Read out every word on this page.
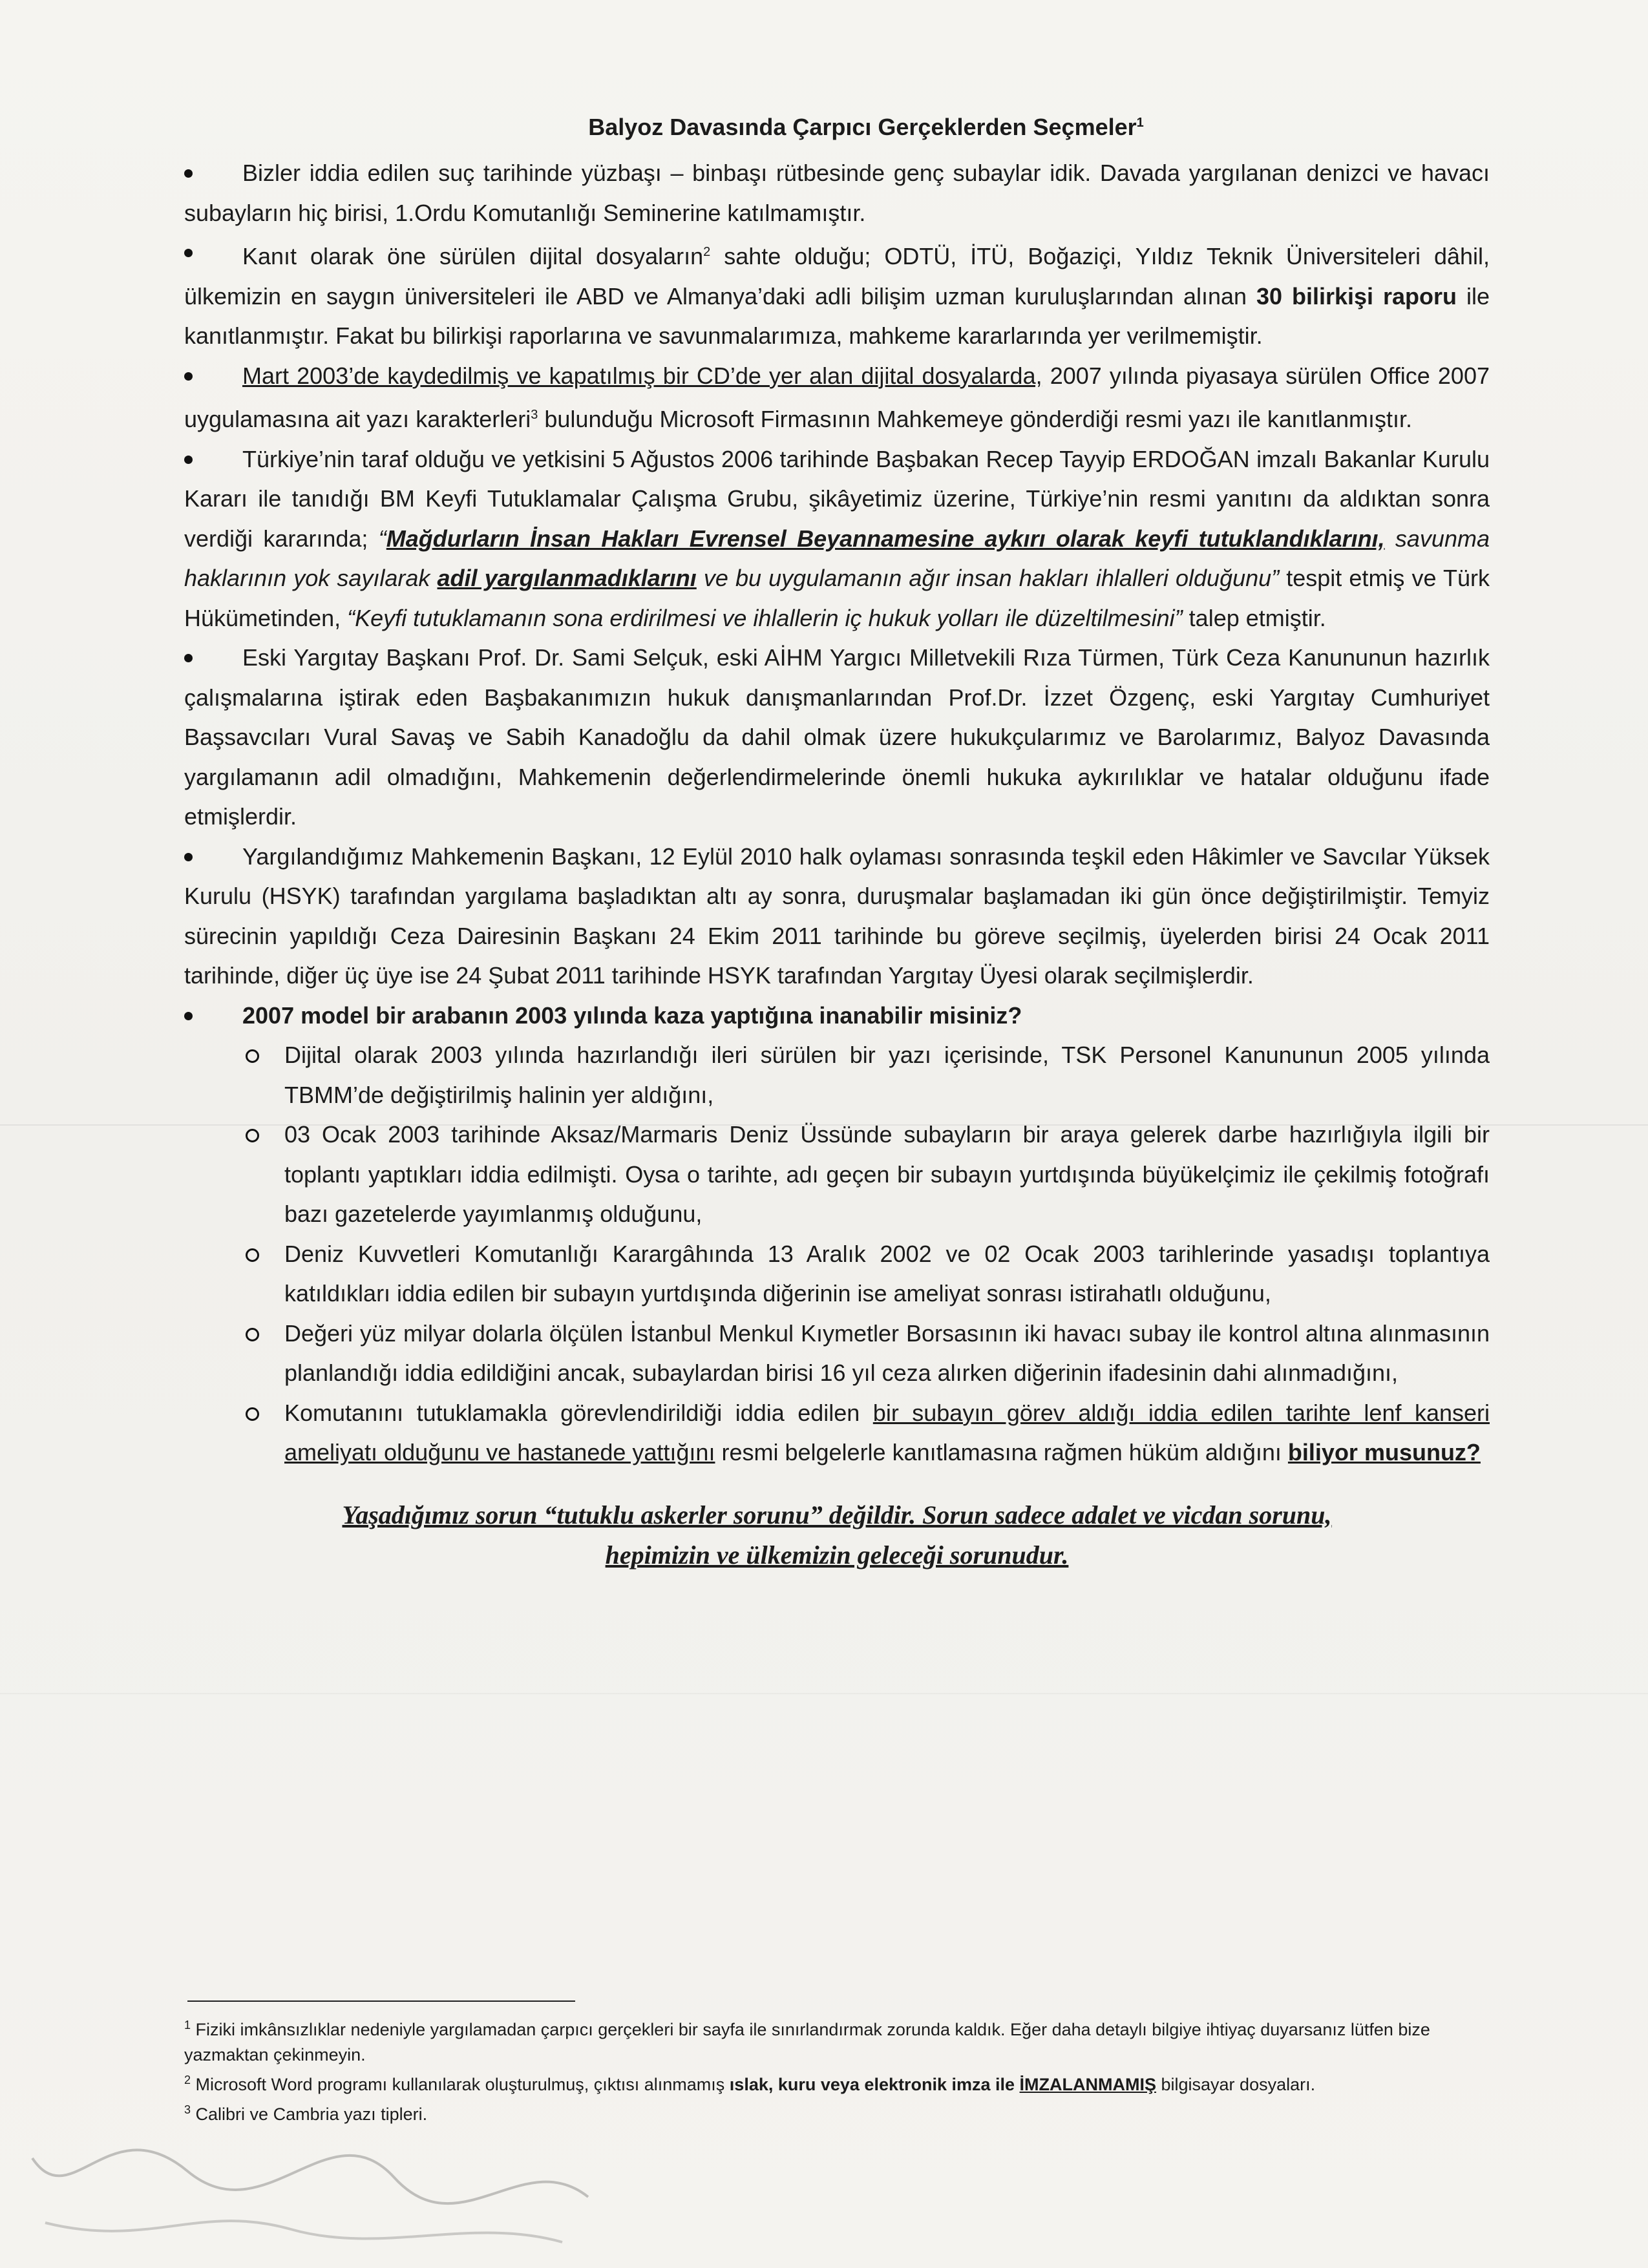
Balyoz Davasında Çarpıcı Gerçeklerden Seçmeler$^1$
Bizler iddia edilen suç tarihinde yüzbaşı – binbaşı rütbesinde genç subaylar idik. Davada yargılanan denizci ve havacı subayların hiç birisi, 1.Ordu Komutanlığı Seminerine katılmamıştır.
Kanıt olarak öne sürülen dijital dosyaların$^2$ sahte olduğu; ODTÜ, İTÜ, Boğaziçi, Yıldız Teknik Üniversiteleri dâhil, ülkemizin en saygın üniversiteleri ile ABD ve Almanya’daki adli bilişim uzman kuruluşlarından alınan 30 bilirkişi raporu ile kanıtlanmıştır. Fakat bu bilirkişi raporlarına ve savunmalarımıza, mahkeme kararlarında yer verilmemiştir.
Mart 2003’de kaydedilmiş ve kapatılmış bir CD’de yer alan dijital dosyalarda, 2007 yılında piyasaya sürülen Office 2007 uygulamasına ait yazı karakterleri$^3$ bulunduğu Microsoft Firmasının Mahkemeye gönderdiği resmi yazı ile kanıtlanmıştır.
Türkiye’nin taraf olduğu ve yetkisini 5 Ağustos 2006 tarihinde Başbakan Recep Tayyip ERDOĞAN imzalı Bakanlar Kurulu Kararı ile tanıdığı BM Keyfi Tutuklamalar Çalışma Grubu, şikâyetimiz üzerine, Türkiye’nin resmi yanıtını da aldıktan sonra verdiği kararında; “Mağdurların İnsan Hakları Evrensel Beyannamesine aykırı olarak keyfi tutuklandıklarını, savunma haklarının yok sayılarak adil yargılanmadıklarını ve bu uygulamanın ağır insan hakları ihlalleri olduğunu” tespit etmiş ve Türk Hükümetinden, “Keyfi tutuklamanın sona erdirilmesi ve ihlallerin iç hukuk yolları ile düzeltilmesini” talep etmiştir.
Eski Yargıtay Başkanı Prof. Dr. Sami Selçuk, eski AİHM Yargıcı Milletvekili Rıza Türmen, Türk Ceza Kanununun hazırlık çalışmalarına iştirak eden Başbakanımızın hukuk danışmanlarından Prof.Dr. İzzet Özgenç, eski Yargıtay Cumhuriyet Başsavcıları Vural Savaş ve Sabih Kanadoğlu da dahil olmak üzere hukukçularımız ve Barolarımız, Balyoz Davasında yargılamanın adil olmadığını, Mahkemenin değerlendirmelerinde önemli hukuka aykırılıklar ve hatalar olduğunu ifade etmişlerdir.
Yargılandığımız Mahkemenin Başkanı, 12 Eylül 2010 halk oylaması sonrasında teşkil eden Hâkimler ve Savcılar Yüksek Kurulu (HSYK) tarafından yargılama başladıktan altı ay sonra, duruşmalar başlamadan iki gün önce değiştirilmiştir. Temyiz sürecinin yapıldığı Ceza Dairesinin Başkanı 24 Ekim 2011 tarihinde bu göreve seçilmiş, üyelerden birisi 24 Ocak 2011 tarihinde, diğer üç üye ise 24 Şubat 2011 tarihinde HSYK tarafından Yargıtay Üyesi olarak seçilmişlerdir.
2007 model bir arabanın 2003 yılında kaza yaptığına inanabilir misiniz?
Dijital olarak 2003 yılında hazırlandığı ileri sürülen bir yazı içerisinde, TSK Personel Kanununun 2005 yılında TBMM’de değiştirilmiş halinin yer aldığını,
03 Ocak 2003 tarihinde Aksaz/Marmaris Deniz Üssünde subayların bir araya gelerek darbe hazırlığıyla ilgili bir toplantı yaptıkları iddia edilmişti. Oysa o tarihte, adı geçen bir subayın yurtdışında büyükelçimiz ile çekilmiş fotoğrafı bazı gazetelerde yayımlanmış olduğunu,
Deniz Kuvvetleri Komutanlığı Karargâhında 13 Aralık 2002 ve 02 Ocak 2003 tarihlerinde yasadışı toplantıya katıldıkları iddia edilen bir subayın yurtdışında diğerinin ise ameliyat sonrası istirahatlı olduğunu,
Değeri yüz milyar dolarla ölçülen İstanbul Menkul Kıymetler Borsasının iki havacı subay ile kontrol altına alınmasının planlandığı iddia edildiğini ancak, subaylardan birisi 16 yıl ceza alırken diğerinin ifadesinin dahi alınmadığını,
Komutanını tutuklamakla görevlendirildiği iddia edilen bir subayın görev aldığı iddia edilen tarihte lenf kanseri ameliyatı olduğunu ve hastanede yattığını resmi belgelerle kanıtlamasına rağmen hüküm aldığını biliyor musunuz?
Yaşadığımız sorun “tutuklu askerler sorunu” değildir. Sorun sadece adalet ve vicdan sorunu,
hepimizin ve ülkemizin geleceği sorunudur.

$^1$ Fiziki imkânsızlıklar nedeniyle yargılamadan çarpıcı gerçekleri bir sayfa ile sınırlandırmak zorunda kaldık. Eğer daha detaylı bilgiye ihtiyaç duyarsanız lütfen bize yazmaktan çekinmeyin.

$^2$ Microsoft Word programı kullanılarak oluşturulmuş, çıktısı alınmamış ıslak, kuru veya elektronik imza ile İMZALANMAMIŞ bilgisayar dosyaları.

$^3$ Calibri ve Cambria yazı tipleri.
